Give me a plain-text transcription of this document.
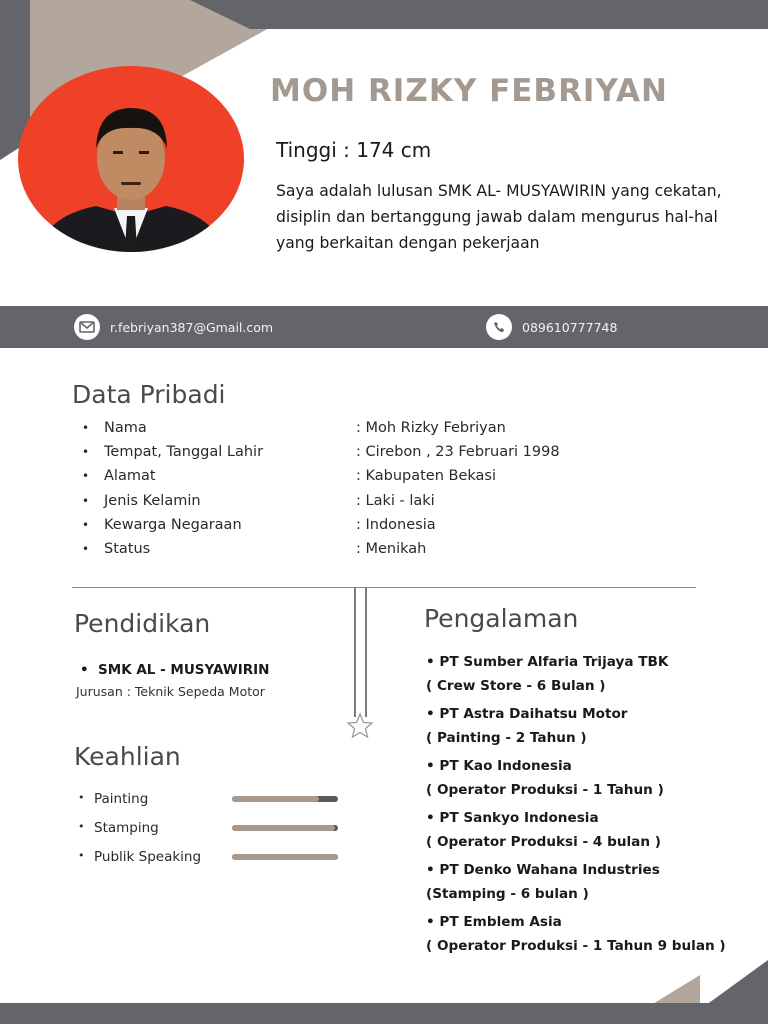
MOH RIZKY FEBRIYAN
Tinggi : 174 cm
Saya adalah lulusan SMK AL- MUSYAWIRIN yang cekatan, disiplin dan bertanggung jawab dalam mengurus hal-hal yang berkaitan dengan pekerjaan
r.febriyan387@Gmail.com	089610777748
Data Pribadi
•	Nama	: Moh Rizky Febriyan
•	Tempat, Tanggal Lahir	: Cirebon , 23 Februari 1998
•	Alamat	: Kabupaten Bekasi
•	Jenis Kelamin	: Laki - laki
•	Kewarga Negaraan	: Indonesia
•	Status	: Menikah
Pendidikan
•  SMK AL - MUSYAWIRIN
Jurusan : Teknik Sepeda Motor
Keahlian
• Painting
• Stamping
• Publik Speaking
Pengalaman
• PT Sumber Alfaria Trijaya TBK
( Crew Store - 6 Bulan )
• PT Astra Daihatsu Motor
( Painting - 2 Tahun )
• PT Kao Indonesia
( Operator Produksi - 1 Tahun )
• PT Sankyo Indonesia
( Operator Produksi - 4 bulan )
• PT Denko Wahana Industries
(Stamping - 6 bulan )
• PT Emblem Asia
( Operator Produksi - 1 Tahun 9 bulan )
